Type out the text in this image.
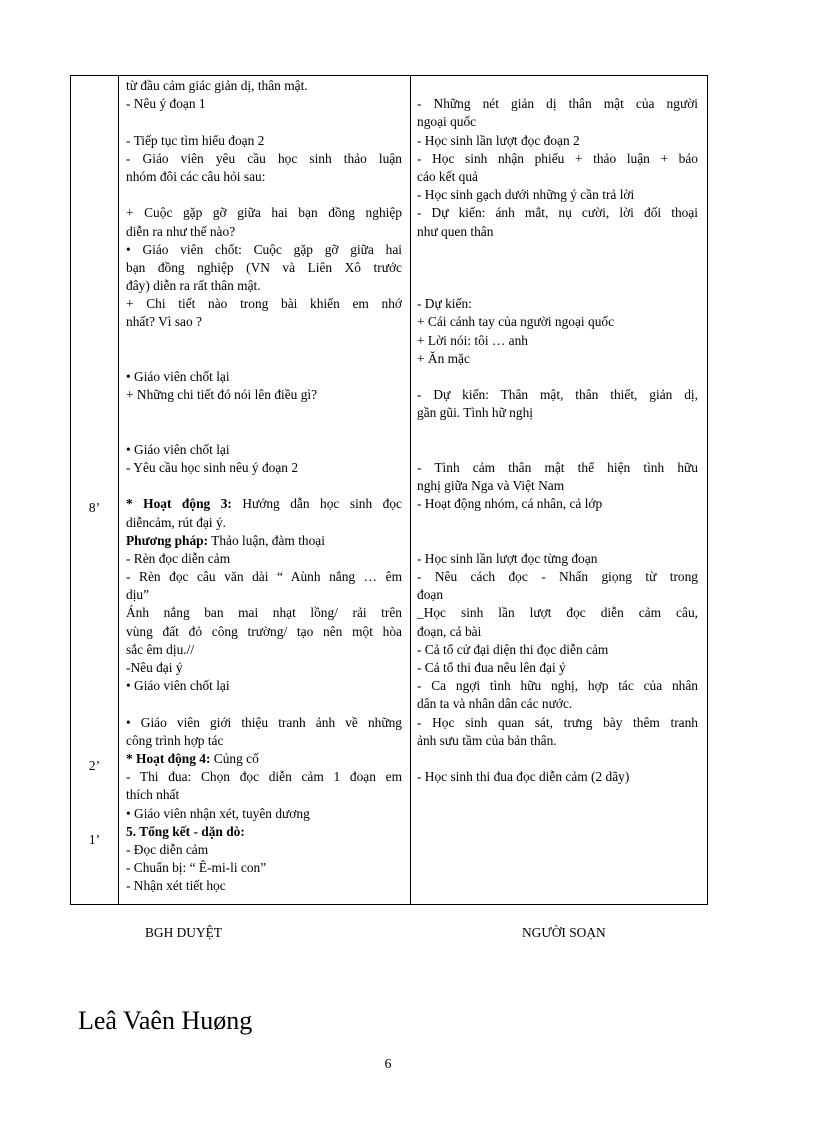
8’
2’
1’
từ đầu cảm giác giản dị, thân mật.
- Nêu ý đoạn 1
- Tiếp tục tìm hiểu đoạn 2
- Giáo viên yêu cầu học sinh thảo luận
nhóm đôi các câu hỏi sau:
+ Cuộc gặp gỡ giữa hai bạn đồng nghiệp
diễn ra như thế nào?
• Giáo viên chốt: Cuộc gặp gỡ giữa hai
bạn đồng nghiệp (VN và Liên Xô trước
đây) diễn ra rất thân mật.
+ Chi tiết nào trong bài khiến em nhớ
nhất? Vì sao ?
• Giáo viên chốt lại
+ Những chi tiết đó nói lên điều gì?
• Giáo viên chốt lại
- Yêu cầu học sinh nêu ý đoạn 2
* Hoạt động 3: Hướng dẫn học sinh đọc
diễncảm, rút đại ý.
Phương pháp: Thảo luận, đàm thoại
- Rèn đọc diễn cảm
- Rèn đọc câu văn dài “ Aùnh nắng … êm
dịu”
Ánh nắng ban mai nhạt lồng/ rải trên
vùng đất đỏ công trường/ tạo nên một hòa
sắc êm dịu.//
-Nêu đại ý
• Giáo viên chốt lại
• Giáo viên giới thiệu tranh ảnh về những
công trình hợp tác
* Hoạt động 4: Củng cố
- Thi đua: Chọn đọc diễn cảm 1 đoạn em
thích nhất
• Giáo viên nhận xét, tuyên dương
5. Tổng kết - dặn dò:
- Đọc diễn cảm
- Chuẩn bị: “ Ê-mi-li con”
- Nhận xét tiết học
- Những nét giản dị thân mật của người
ngoại quốc
- Học sinh lần lượt đọc đoạn 2
- Học sinh nhận phiếu + thảo luận + báo
cáo kết quả
- Học sinh gạch dưới những ý cần trả lời
- Dự kiến: ánh mắt, nụ cười, lời đối thoại
như quen thân
- Dự kiến:
+ Cái cánh tay của người ngoại quốc
+ Lời nói: tôi … anh
+ Ăn mặc
- Dự kiến: Thân mật, thân thiết, giản dị,
gần gũi. Tình hữ nghị
- Tình cảm thân mật thể hiện tình hữu
nghị giữa Nga và Việt Nam
- Hoạt động nhóm, cá nhân, cả lớp
- Học sinh lần lượt đọc từng đoạn
- Nêu cách đọc - Nhấn giọng từ trong
đoạn
_Học sinh lần lượt đọc diễn cảm câu,
đoạn, cả bài
- Cả tổ cử đại diện thi đọc diễn cảm
- Cả tổ thi đua nêu lên đại ý
- Ca ngợi tình hữu nghị, hợp tác của nhân
dân ta và nhân dân các nước.
- Học sinh quan sát, trưng bày thêm tranh
ảnh sưu tầm của bản thân.
- Học sinh thi đua đọc diễn cảm (2 dãy)
BGH DUYỆT	NGƯỜI SOẠN
Leâ Vaên Huøng
6
